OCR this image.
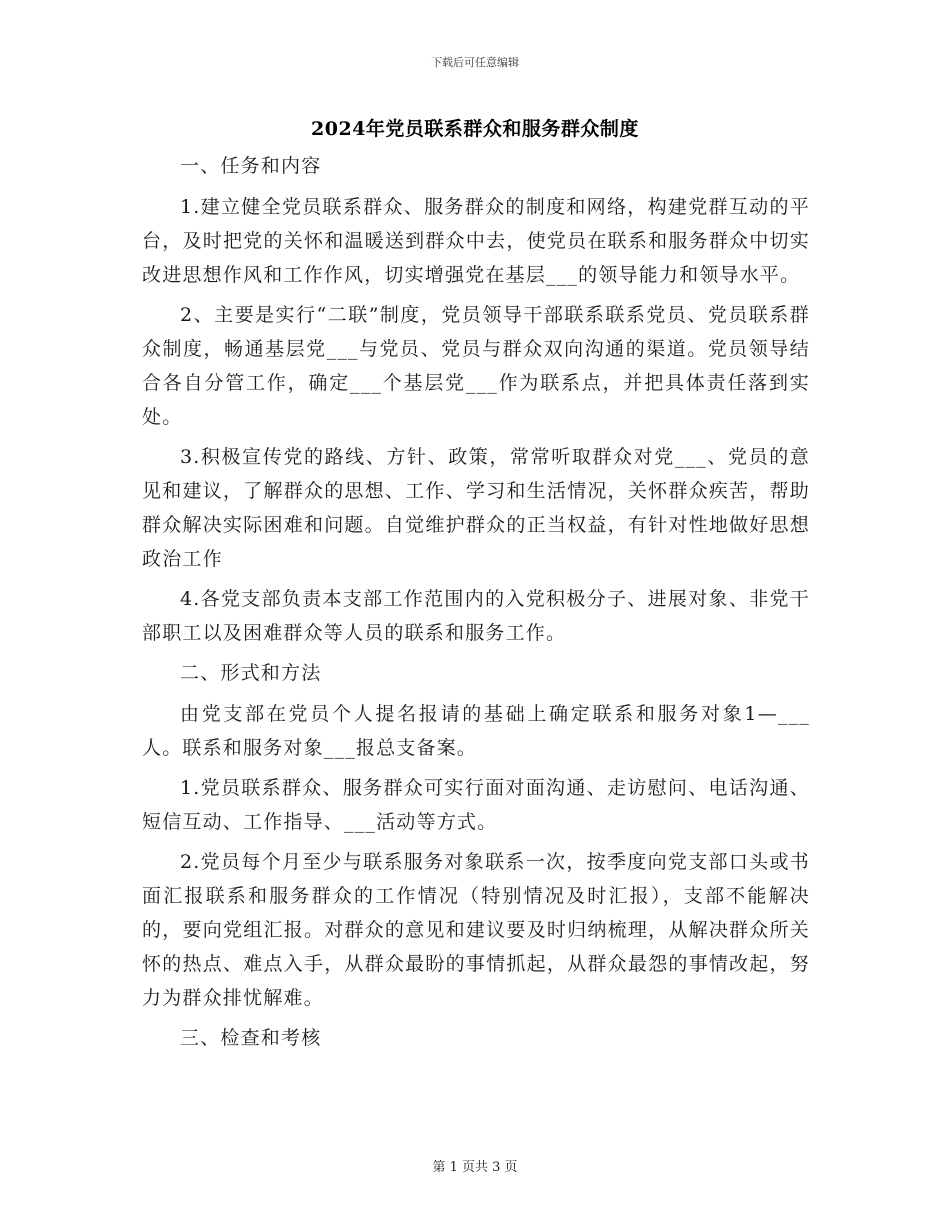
下载后可任意编辑
2024年党员联系群众和服务群众制度

一、任务和内容

1.建立健全党员联系群众、服务群众的制度和网络，构建党群互动的平台，及时把党的关怀和温暖送到群众中去，使党员在联系和服务群众中切实改进思想作风和工作作风，切实增强党在基层___的领导能力和领导水平。

2、主要是实行“二联”制度，党员领导干部联系联系党员、党员联系群众制度，畅通基层党___与党员、党员与群众双向沟通的渠道。党员领导结合各自分管工作，确定___个基层党___作为联系点，并把具体责任落到实处。

3.积极宣传党的路线、方针、政策，常常听取群众对党___、党员的意见和建议，了解群众的思想、工作、学习和生活情况，关怀群众疾苦，帮助群众解决实际困难和问题。自觉维护群众的正当权益，有针对性地做好思想政治工作

4.各党支部负责本支部工作范围内的入党积极分子、进展对象、非党干部职工以及困难群众等人员的联系和服务工作。

二、形式和方法

由党支部在党员个人提名报请的基础上确定联系和服务对象1—___人。联系和服务对象___报总支备案。

1.党员联系群众、服务群众可实行面对面沟通、走访慰问、电话沟通、短信互动、工作指导、___活动等方式。

2.党员每个月至少与联系服务对象联系一次，按季度向党支部口头或书面汇报联系和服务群众的工作情况（特别情况及时汇报），支部不能解决的，要向党组汇报。对群众的意见和建议要及时归纳梳理，从解决群众所关怀的热点、难点入手，从群众最盼的事情抓起，从群众最怨的事情改起，努力为群众排忧解难。

三、检查和考核

第 1 页共 3 页
